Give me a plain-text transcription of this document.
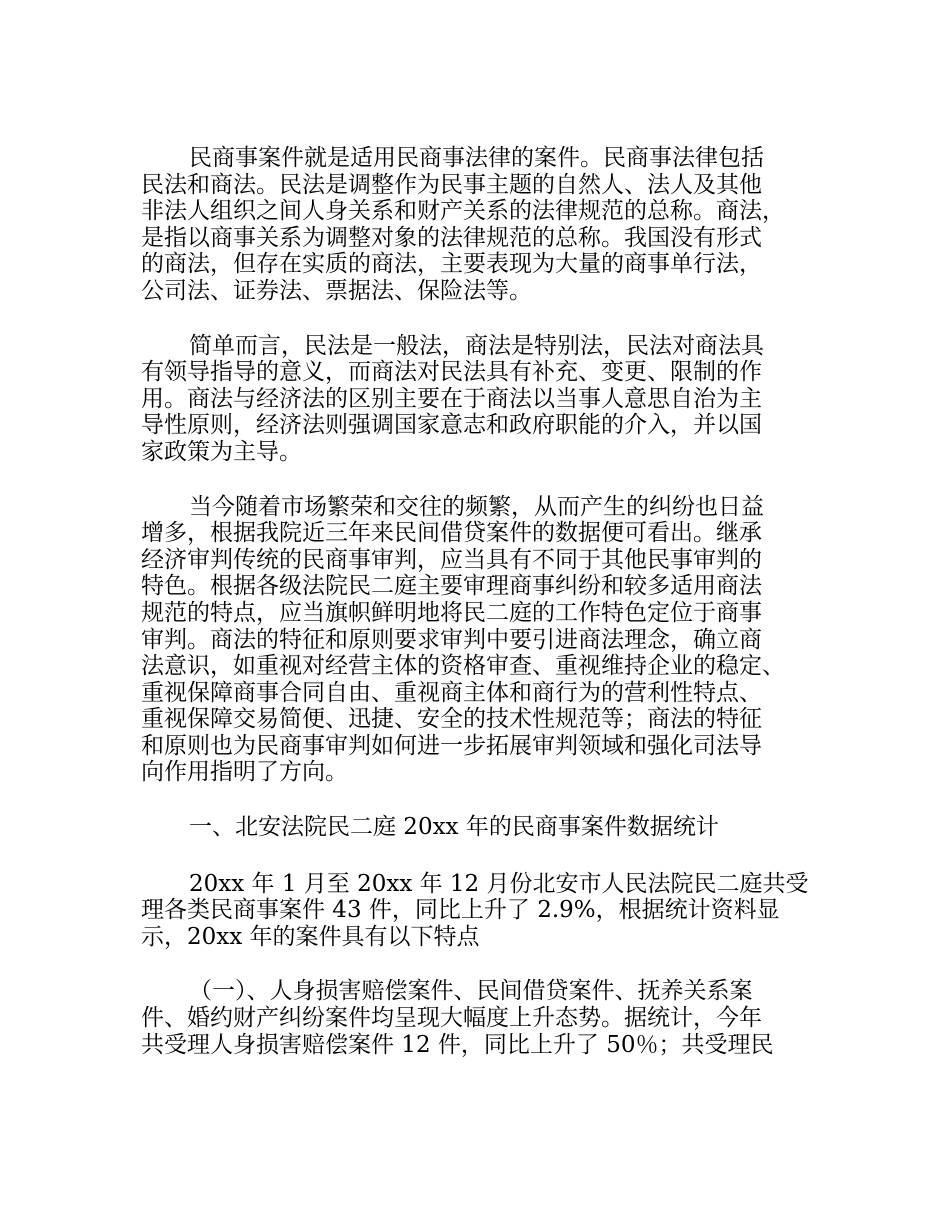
民商事案件就是适用民商事法律的案件。民商事法律包括
民法和商法。民法是调整作为民事主题的自然人、法人及其他
非法人组织之间人身关系和财产关系的法律规范的总称。商法，
是指以商事关系为调整对象的法律规范的总称。我国没有形式
的商法，但存在实质的商法，主要表现为大量的商事单行法，
公司法、证券法、票据法、保险法等。

简单而言，民法是一般法，商法是特别法，民法对商法具
有领导指导的意义，而商法对民法具有补充、变更、限制的作
用。商法与经济法的区别主要在于商法以当事人意思自治为主
导性原则，经济法则强调国家意志和政府职能的介入，并以国
家政策为主导。

当今随着市场繁荣和交往的频繁，从而产生的纠纷也日益
增多，根据我院近三年来民间借贷案件的数据便可看出。继承
经济审判传统的民商事审判，应当具有不同于其他民事审判的
特色。根据各级法院民二庭主要审理商事纠纷和较多适用商法
规范的特点，应当旗帜鲜明地将民二庭的工作特色定位于商事
审判。商法的特征和原则要求审判中要引进商法理念，确立商
法意识，如重视对经营主体的资格审查、重视维持企业的稳定、
重视保障商事合同自由、重视商主体和商行为的营利性特点、
重视保障交易简便、迅捷、安全的技术性规范等；商法的特征
和原则也为民商事审判如何进一步拓展审判领域和强化司法导
向作用指明了方向。

一、北安法院民二庭 20xx 年的民商事案件数据统计

20xx 年 1 月至 20xx 年 12 月份北安市人民法院民二庭共受
理各类民商事案件 43 件，同比上升了 2.9%，根据统计资料显
示，20xx 年的案件具有以下特点

（一）、人身损害赔偿案件、民间借贷案件、抚养关系案
件、婚约财产纠纷案件均呈现大幅度上升态势。据统计，今年
共受理人身损害赔偿案件 12 件，同比上升了 50％；共受理民
